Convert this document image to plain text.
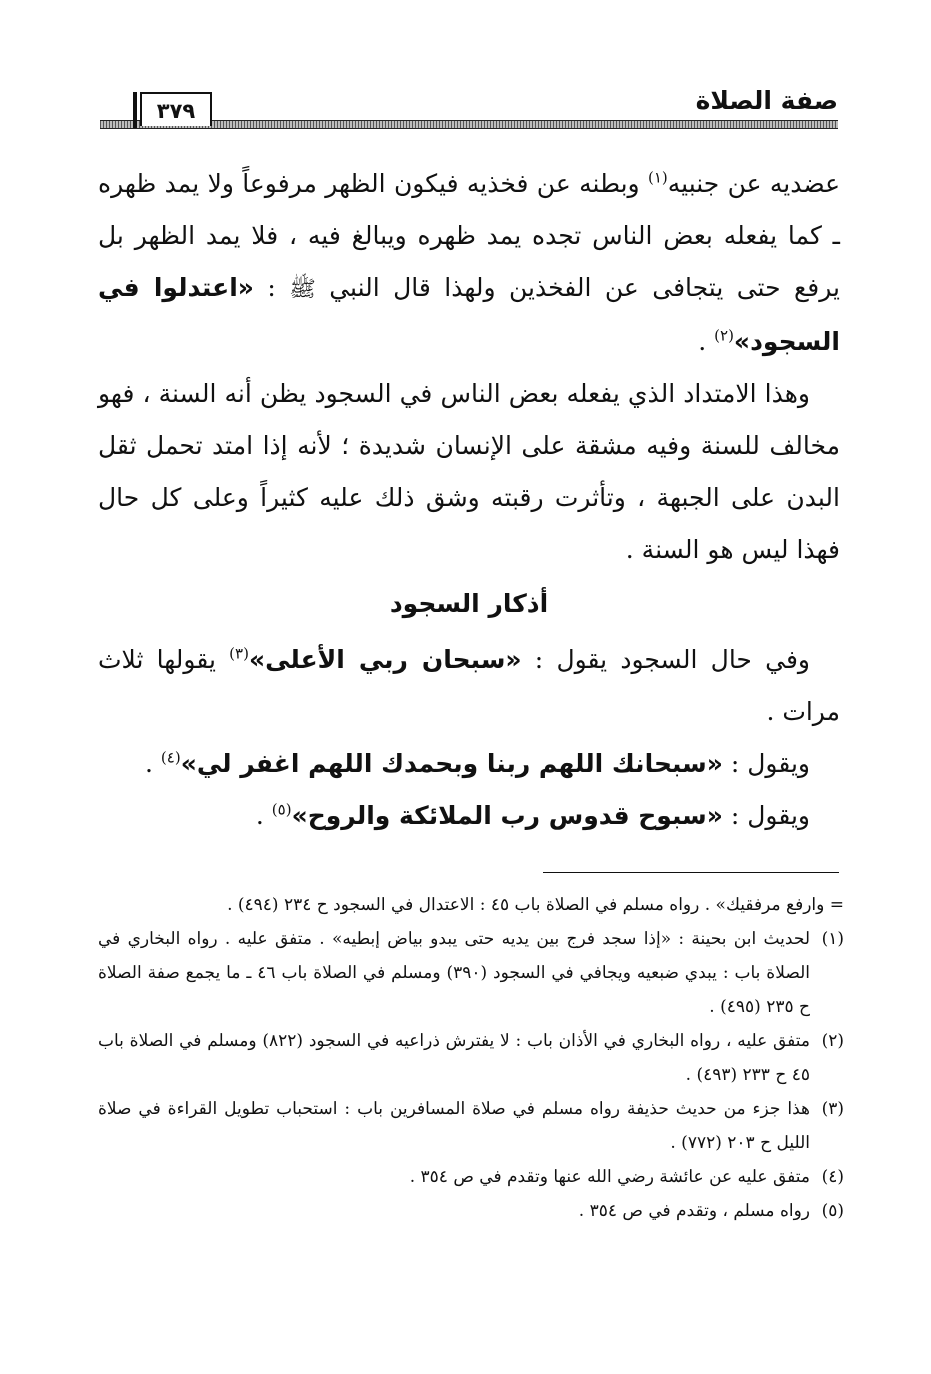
صفة الصلاة
٣٧٩

عضديه عن جنبيه$^{(١)}$ وبطنه عن فخذيه فيكون الظهر مرفوعاً ولا يمد ظهره ـ كما يفعله بعض الناس تجده يمد ظهره ويبالغ فيه ، فلا يمد الظهر بل يرفع حتى يتجافى عن الفخذين ولهذا قال النبي ﷺ : «اعتدلوا في السجود»$^{(٢)}$ .

وهذا الامتداد الذي يفعله بعض الناس في السجود يظن أنه السنة ، فهو مخالف للسنة وفيه مشقة على الإنسان شديدة ؛ لأنه إذا امتد تحمل ثقل البدن على الجبهة ، وتأثرت رقبته وشق ذلك عليه كثيراً وعلى كل حال فهذا ليس هو السنة .

أذكار السجود

وفي حال السجود يقول : «سبحان ربي الأعلى»$^{(٣)}$ يقولها ثلاث مرات .

ويقول : «سبحانك اللهم ربنا وبحمدك اللهم اغفر لي»$^{(٤)}$ .

ويقول : «سبوح قدوس رب الملائكة والروح»$^{(٥)}$ .

= وارفع مرفقيك» . رواه مسلم في الصلاة باب ٤٥ : الاعتدال في السجود ح ٢٣٤ (٤٩٤) .

(١)لحديث ابن بحينة : «إذا سجد فرج بين يديه حتى يبدو بياض إبطيه» . متفق عليه . رواه البخاري في الصلاة باب : يبدي ضبعيه ويجافي في السجود (٣٩٠) ومسلم في الصلاة باب ٤٦ ـ ما يجمع صفة الصلاة ح ٢٣٥ (٤٩٥) .

(٢)متفق عليه ، رواه البخاري في الأذان باب : لا يفترش ذراعيه في السجود (٨٢٢) ومسلم في الصلاة باب ٤٥ ح ٢٣٣ (٤٩٣) .

(٣)هذا جزء من حديث حذيفة رواه مسلم في صلاة المسافرين باب : استحباب تطويل القراءة في صلاة الليل ح ٢٠٣ (٧٧٢) .

(٤)متفق عليه عن عائشة رضي الله عنها وتقدم في ص ٣٥٤ .

(٥)رواه مسلم ، وتقدم في ص ٣٥٤ .
